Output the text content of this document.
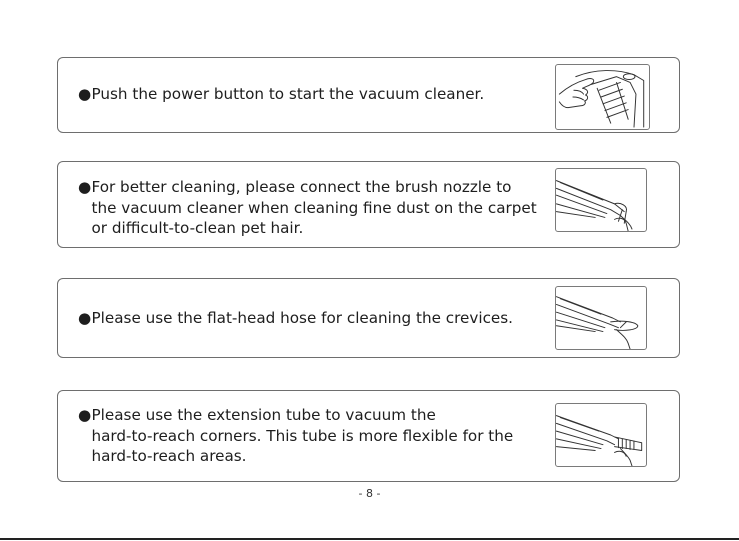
● Push the power button to start the vacuum cleaner.
● For better cleaning, please connect the brush nozzle to
the vacuum cleaner when cleaning fine dust on the carpet
or difficult-to-clean pet hair.
● Please use the flat-head hose for cleaning the crevices.
● Please use the extension tube to vacuum the
hard-to-reach corners. This tube is more flexible for the
hard-to-reach areas.
- 8 -
